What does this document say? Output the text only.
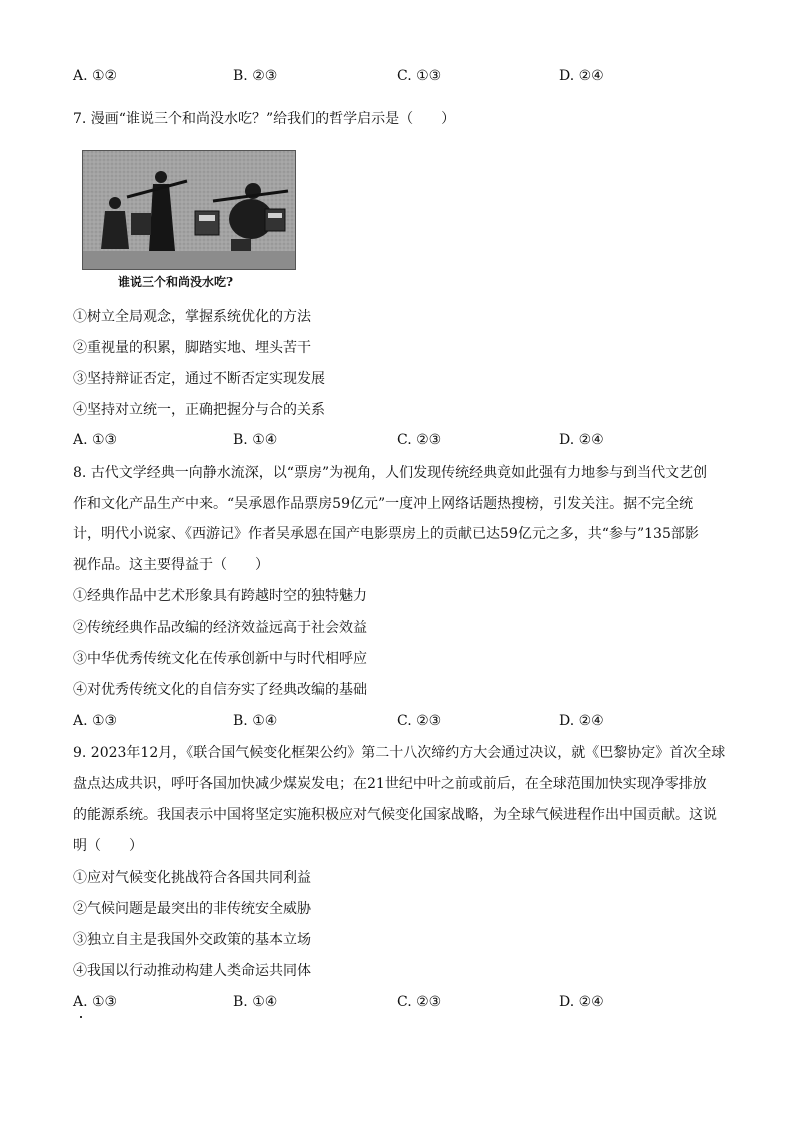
A. ①②	B. ②③	C. ①③	D. ②④
7. 漫画“谁说三个和尚没水吃？”给我们的哲学启示是（　　）
谁说三个和尚没水吃?
①树立全局观念，掌握系统优化的方法
②重视量的积累，脚踏实地、埋头苦干
③坚持辩证否定，通过不断否定实现发展
④坚持对立统一，正确把握分与合的关系
A. ①③	B. ①④	C. ②③	D. ②④
8. 古代文学经典一向静水流深，以“票房”为视角，人们发现传统经典竟如此强有力地参与到当代文艺创
作和文化产品生产中来。“吴承恩作品票房59亿元”一度冲上网络话题热搜榜，引发关注。据不完全统
计，明代小说家、《西游记》作者吴承恩在国产电影票房上的贡献已达59亿元之多，共“参与”135部影
视作品。这主要得益于（　　）
①经典作品中艺术形象具有跨越时空的独特魅力
②传统经典作品改编的经济效益远高于社会效益
③中华优秀传统文化在传承创新中与时代相呼应
④对优秀传统文化的自信夯实了经典改编的基础
A. ①③	B. ①④	C. ②③	D. ②④
9. 2023年12月，《联合国气候变化框架公约》第二十八次缔约方大会通过决议，就《巴黎协定》首次全球
盘点达成共识，呼吁各国加快减少煤炭发电；在21世纪中叶之前或前后，在全球范围加快实现净零排放
的能源系统。我国表示中国将坚定实施积极应对气候变化国家战略，为全球气候进程作出中国贡献。这说
明（　　）
①应对气候变化挑战符合各国共同利益
②气候问题是最突出的非传统安全威胁
③独立自主是我国外交政策的基本立场
④我国以行动推动构建人类命运共同体
A. ①③	B. ①④	C. ②③	D. ②④
